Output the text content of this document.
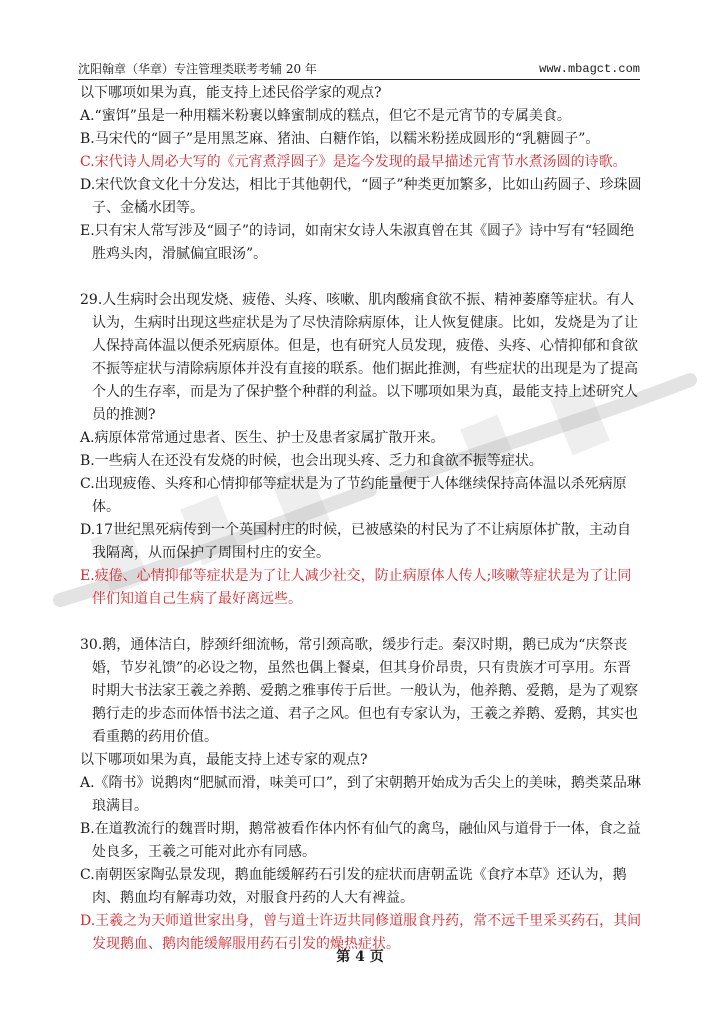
沈阳翰章（华章）专注管理类联考考辅 20 年	www.mbagct.com

以下哪项如果为真，能支持上述民俗学家的观点?

A.“蜜饵”虽是一种用糯米粉裹以蜂蜜制成的糕点，但它不是元宵节的专属美食。

B.马宋代的“圆子”是用黑芝麻、猪油、白糖作馅，以糯米粉搓成圆形的“乳糖圆子”。

C.宋代诗人周必大写的《元宵煮浮圆子》是迄今发现的最早描述元宵节水煮汤圆的诗歌。

D.宋代饮食文化十分发达，相比于其他朝代，“圆子”种类更加繁多，比如山药圆子、珍珠圆子、金橘水团等。

E.只有宋人常写涉及“圆子”的诗词，如南宋女诗人朱淑真曾在其《圆子》诗中写有“轻圆绝胜鸡头肉，滑腻偏宜眼汤”。

29.人生病时会出现发烧、疲倦、头疼、咳嗽、肌肉酸痛食欲不振、精神萎靡等症状。有人认为，生病时出现这些症状是为了尽快清除病原体，让人恢复健康。比如，发烧是为了让人保持高体温以便杀死病原体。但是，也有研究人员发现，疲倦、头疼、心情抑郁和食欲不振等症状与清除病原体并没有直接的联系。他们据此推测，有些症状的出现是为了提高个人的生存率，而是为了保护整个种群的利益。以下哪项如果为真，最能支持上述研究人员的推测?

A.病原体常常通过患者、医生、护士及患者家属扩散开来。

B.一些病人在还没有发烧的时候，也会出现头疼、乏力和食欲不振等症状。

C.出现疲倦、头疼和心情抑郁等症状是为了节约能量便于人体继续保持高体温以杀死病原体。

D.17世纪黑死病传到一个英国村庄的时候，已被感染的村民为了不让病原体扩散，主动自我隔离，从而保护了周围村庄的安全。

E.疲倦、心情抑郁等症状是为了让人减少社交，防止病原体人传人;咳嗽等症状是为了让同伴们知道自己生病了最好离远些。

30.鹅，通体洁白，脖颈纤细流畅，常引颈高歌，缓步行走。秦汉时期，鹅已成为“庆祭丧婚，节岁礼馈”的必设之物，虽然也偶上餐桌，但其身价昂贵，只有贵族才可享用。东晋时期大书法家王羲之养鹅、爱鹅之雅事传于后世。一般认为，他养鹅、爱鹅，是为了观察鹅行走的步态而体悟书法之道、君子之风。但也有专家认为，王羲之养鹅、爱鹅，其实也看重鹅的药用价值。

以下哪项如果为真，最能支持上述专家的观点?

A.《隋书》说鹅肉“肥腻而滑，味美可口”，到了宋朝鹅开始成为舌尖上的美味，鹅类菜品琳琅满目。

B.在道教流行的魏晋时期，鹅常被看作体内怀有仙气的禽鸟，融仙风与道骨于一体，食之益处良多，王羲之可能对此亦有同感。

C.南朝医家陶弘景发现，鹅血能缓解药石引发的症状而唐朝孟诜《食疗本草》还认为，鹅肉、鹅血均有解毒功效，对服食丹药的人大有裨益。

D.王羲之为天师道世家出身，曾与道士许迈共同修道服食丹药，常不远千里采买药石，其间发现鹅血、鹅肉能缓解服用药石引发的燥热症状。

第 4 页
